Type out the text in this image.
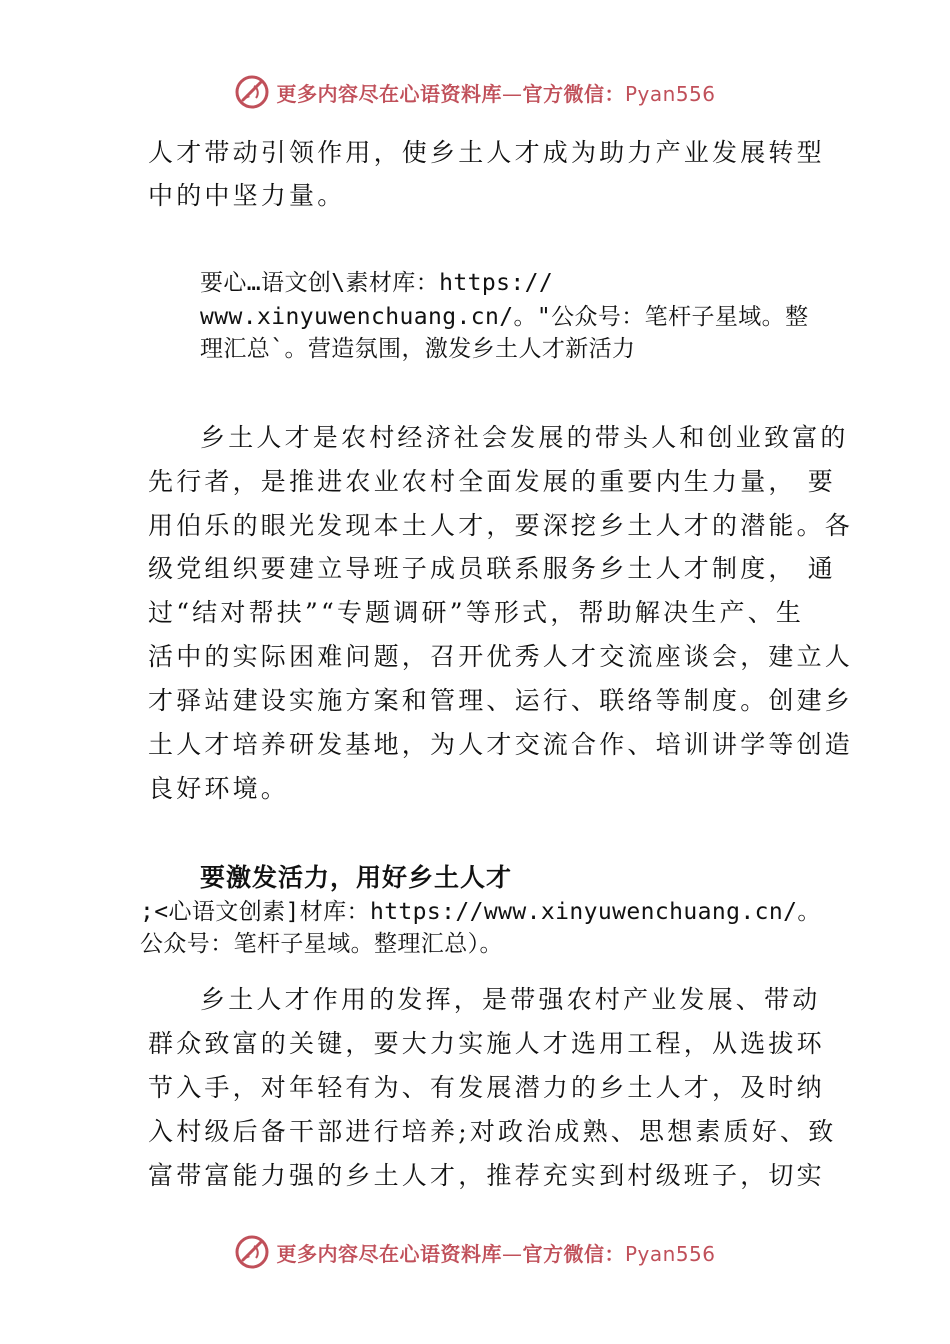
更多内容尽在心语资料库—官方微信：Pyan556
人才带动引领作用，使乡土人才成为助力产业发展转型
中的中坚力量。
要心…语文创\素材库：https://
www.xinyuwenchuang.cn/。"公众号：笔杆子星域。整
理汇总`。营造氛围，激发乡土人才新活力
乡土人才是农村经济社会发展的带头人和创业致富的
先行者，是推进农业农村全面发展的重要内生力量， 要
用伯乐的眼光发现本土人才，要深挖乡土人才的潜能。各
级党组织要建立导班子成员联系服务乡土人才制度， 通
过“结对帮扶”“专题调研”等形式，帮助解决生产、生
活中的实际困难问题，召开优秀人才交流座谈会，建立人
才驿站建设实施方案和管理、运行、联络等制度。创建乡
土人才培养研发基地，为人才交流合作、培训讲学等创造
良好环境。
要激发活力，用好乡土人才
;<心语文创素]材库：https://www.xinyuwenchuang.cn/。
公众号：笔杆子星域。整理汇总）。
乡土人才作用的发挥，是带强农村产业发展、带动
群众致富的关键，要大力实施人才选用工程，从选拔环
节入手，对年轻有为、有发展潜力的乡土人才，及时纳
入村级后备干部进行培养;对政治成熟、思想素质好、致
富带富能力强的乡土人才，推荐充实到村级班子，切实
更多内容尽在心语资料库—官方微信：Pyan556
